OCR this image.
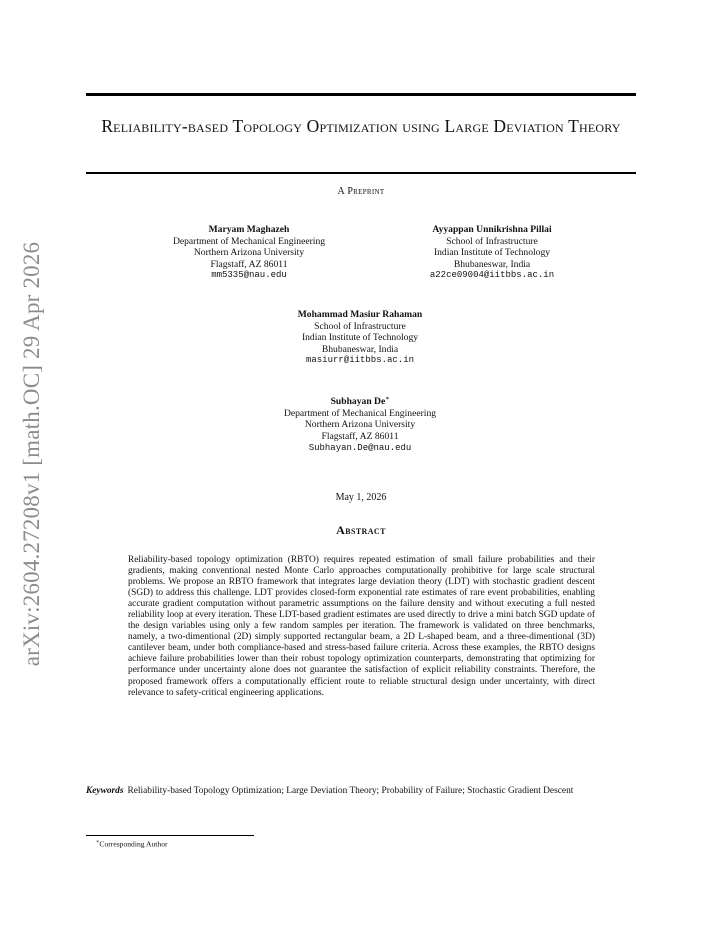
arXiv:2604.27208v1 [math.OC] 29 Apr 2026
Reliability-based Topology Optimization using Large Deviation Theory
A Preprint
Maryam Maghazeh
Department of Mechanical Engineering
Northern Arizona University
Flagstaff, AZ 86011
mm5335@nau.edu
Ayyappan Unnikrishna Pillai
School of Infrastructure
Indian Institute of Technology
Bhubaneswar, India
a22ce09004@iitbbs.ac.in
Mohammad Masiur Rahaman
School of Infrastructure
Indian Institute of Technology
Bhubaneswar, India
masiurr@iitbbs.ac.in
Subhayan De∗
Department of Mechanical Engineering
Northern Arizona University
Flagstaff, AZ 86011
Subhayan.De@nau.edu
May 1, 2026
Abstract
Reliability-based topology optimization (RBTO) requires repeated estimation of small failure probabilities and their gradients, making conventional nested Monte Carlo approaches computationally prohibitive for large scale structural problems. We propose an RBTO framework that integrates large deviation theory (LDT) with stochastic gradient descent (SGD) to address this challenge. LDT provides closed-form exponential rate estimates of rare event probabilities, enabling accurate gradient computation without parametric assumptions on the failure density and without executing a full nested reliability loop at every iteration. These LDT-based gradient estimates are used directly to drive a mini batch SGD update of the design variables using only a few random samples per iteration. The framework is validated on three benchmarks, namely, a two-dimentional (2D) simply supported rectangular beam, a 2D L-shaped beam, and a three-dimentional (3D) cantilever beam, under both compliance-based and stress-based failure criteria. Across these examples, the RBTO designs achieve failure probabilities lower than their robust topology optimization counterparts, demonstrating that optimizing for performance under uncertainty alone does not guarantee the satisfaction of explicit reliability constraints. Therefore, the proposed framework offers a computationally efficient route to reliable structural design under uncertainty, with direct relevance to safety-critical engineering applications.
Keywords Reliability-based Topology Optimization; Large Deviation Theory; Probability of Failure; Stochastic Gradient Descent
∗Corresponding Author
